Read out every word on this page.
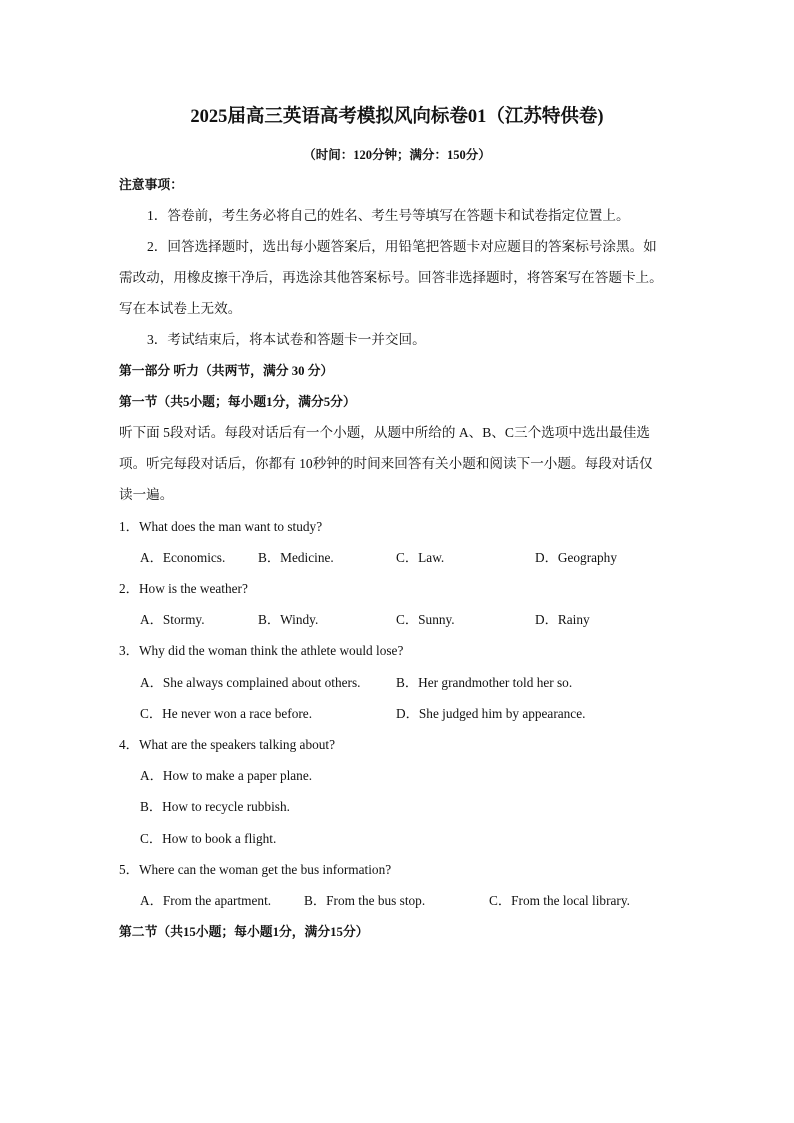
2025届高三英语高考模拟风向标卷01（江苏特供卷)
（时间：120分钟；满分：150分）
注意事项：
1．答卷前，考生务必将自己的姓名、考生号等填写在答题卡和试卷指定位置上。
2．回答选择题时，选出每小题答案后，用铅笔把答题卡对应题目的答案标号涂黑。如
需改动，用橡皮擦干净后，再选涂其他答案标号。回答非选择题时，将答案写在答题卡上。
写在本试卷上无效。
3．考试结束后，将本试卷和答题卡一并交回。
第一部分 听力（共两节，满分 30 分）
第一节（共5小题；每小题1分，满分5分）
听下面 5段对话。每段对话后有一个小题，从题中所给的 A、B、C三个选项中选出最佳选
项。听完每段对话后，你都有 10秒钟的时间来回答有关小题和阅读下一小题。每段对话仅
读一遍。
1．What does the man want to study?
A．Economics. B．Medicine.	C．Law.	D．Geography
2．How is the weather?
A．Stormy.	B．Windy.	C．Sunny.	D．Rainy
3．Why did the woman think the athlete would lose?
A．She always complained about others.	B．Her grandmother told her so.
C．He never won a race before.	D．She judged him by appearance.
4．What are the speakers talking about?
A．How to make a paper plane.
B．How to recycle rubbish.
C．How to book a flight.
5．Where can the woman get the bus information?
A．From the apartment. B．From the bus stop.	C．From the local library.
第二节（共15小题；每小题1分，满分15分）
